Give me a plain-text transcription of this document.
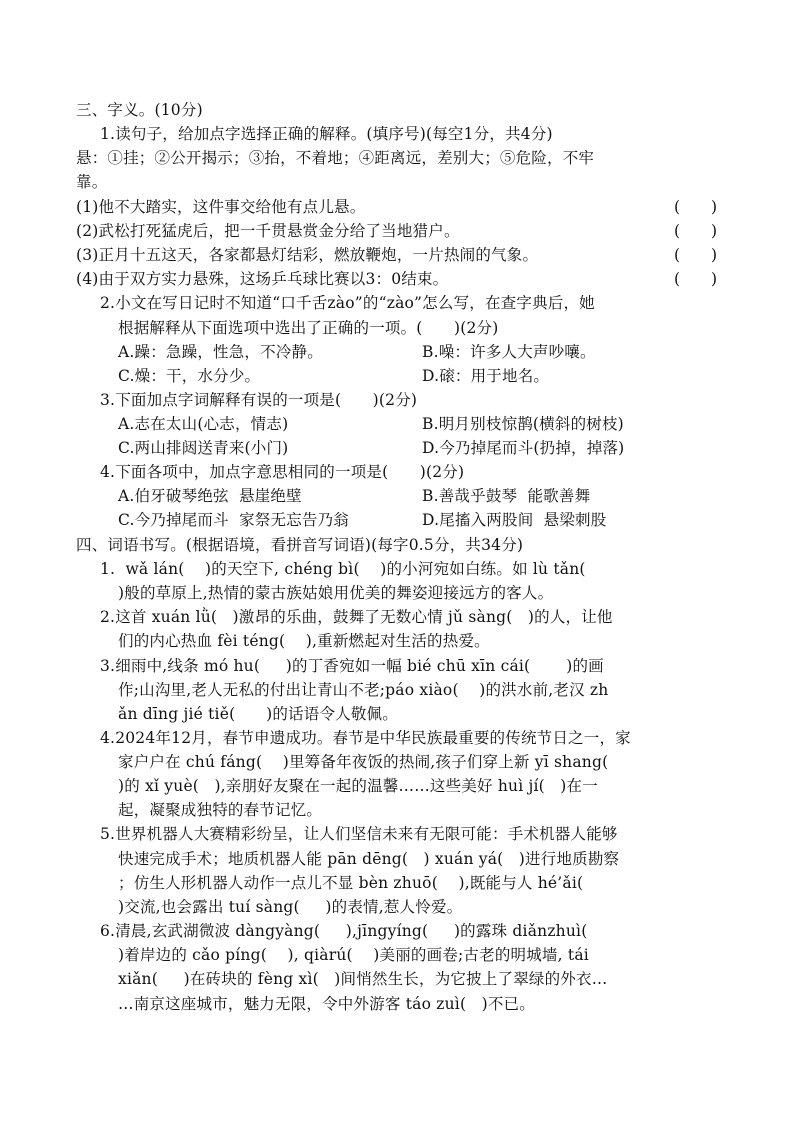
三、字义。(10分)
1.读句子，给加点字选择正确的解释。(填序号)(每空1分，共4分)
悬：①挂；②公开揭示；③抬，不着地；④距离远，差别大；⑤危险，不牢
靠。
(1)他不大踏实，这件事交给他有点儿悬。	(　　)
(2)武松打死猛虎后，把一千贯悬赏金分给了当地猎户。	(　　)
(3)正月十五这天，各家都悬灯结彩，燃放鞭炮，一片热闹的气象。	(　　)
(4)由于双方实力悬殊，这场乒乓球比赛以3：0结束。	(　　)
2.小文在写日记时不知道“口千舌zào”的“zào”怎么写，在查字典后，她
根据解释从下面选项中选出了正确的一项。(　　)(2分)
A.躁：急躁，性急，不冷静。	B.噪：许多人大声吵嚷。
C.燥：干，水分少。	D.磙：用于地名。
3.下面加点字词解释有误的一项是(　　)(2分)
A.志在太山(心志，情志)	B.明月别枝惊鹊(横斜的树枝)
C.两山排闼送青来(小门)	D.今乃掉尾而斗(扔掉，掉落)
4.下面各项中，加点字意思相同的一项是(　　)(2分)
A.伯牙破琴绝弦  悬崖绝壁	B.善哉乎鼓琴  能歌善舞
C.今乃掉尾而斗  家祭无忘告乃翁	D.尾搐入两股间  悬梁刺股
四、词语书写。(根据语境，看拼音写词语)(每字0.5分，共34分)
1.  wǎ lán(    )的天空下, chéng bì(    )的小河宛如白练。如 lù tǎn(
)般的草原上,热情的蒙古族姑娘用优美的舞姿迎接远方的客人。
2.这首 xuán lǜ(   )激昂的乐曲，鼓舞了无数心情 jǔ sàng(   )的人，让他
们的内心热血 fèi téng(    ),重新燃起对生活的热爱。
3.细雨中,线条 mó hu(     )的丁香宛如一幅 bié chū xīn cái(       )的画
作;山沟里,老人无私的付出让青山不老;páo xiào(    )的洪水前,老汉 zh
ǎn dīng jié tiě(      )的话语令人敬佩。
4.2024年12月，春节申遗成功。春节是中华民族最重要的传统节日之一，家
家户户在 chú fáng(    )里筹备年夜饭的热闹,孩子们穿上新 yī shang(
)的 xǐ yuè(   ),亲朋好友聚在一起的温馨……这些美好 huì jí(   )在一
起，凝聚成独特的春节记忆。
5.世界机器人大赛精彩纷呈，让人们坚信未来有无限可能：手术机器人能够
快速完成手术；地质机器人能 pān dēng(   ) xuán yá(   )进行地质勘察
；仿生人形机器人动作一点儿不显 bèn zhuō(    ),既能与人 hé’ǎi(
)交流,也会露出 tuí sàng(     )的表情,惹人怜爱。
6.清晨,玄武湖微波 dàngyàng(     ),jīngyíng(     )的露珠 diǎnzhuì(
)着岸边的 cǎo píng(    ), qiàrú(    )美丽的画卷;古老的明城墙, tái
xiǎn(     )在砖块的 fèng xì(   )间悄然生长，为它披上了翠绿的外衣…
…南京这座城市，魅力无限，令中外游客 táo zuì(   )不已。
